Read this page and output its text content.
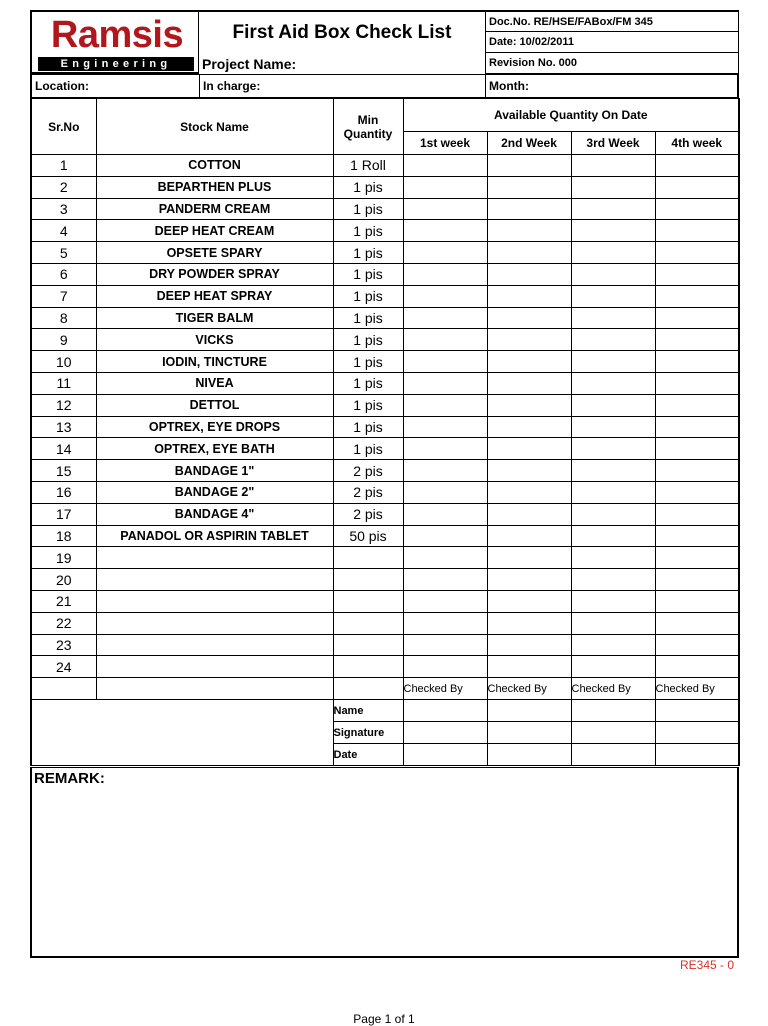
Ramsis
Engineering
First Aid Box Check List
Project Name:
Doc.No. RE/HSE/FABox/FM 345
Date: 10/02/2011
Revision No. 000
Location:	In charge:	Month:
Sr.No	Stock Name	Min Quantity	Available Quantity On Date			
			1st week	2nd Week	3rd Week	4th week
1	COTTON	1 Roll				
2	BEPARTHEN PLUS	1 pis				
3	PANDERM CREAM	1 pis				
4	DEEP HEAT CREAM	1 pis				
5	OPSETE SPARY	1 pis				
6	DRY POWDER SPRAY	1 pis				
7	DEEP HEAT SPRAY	1 pis				
8	TIGER BALM	1 pis				
9	VICKS	1 pis				
10	IODIN, TINCTURE	1 pis				
11	NIVEA	1 pis				
12	DETTOL	1 pis				
13	OPTREX, EYE DROPS	1 pis				
14	OPTREX, EYE BATH	1 pis				
15	BANDAGE 1"	2 pis				
16	BANDAGE 2"	2 pis				
17	BANDAGE 4"	2 pis				
18	PANADOL OR ASPIRIN TABLET	50 pis				
19						
20						
21						
22						
23						
24						
			Checked By	Checked By	Checked By	Checked By
		Name				
		Signature				
		Date				
REMARK:
RE345 - 0
Page 1 of 1
